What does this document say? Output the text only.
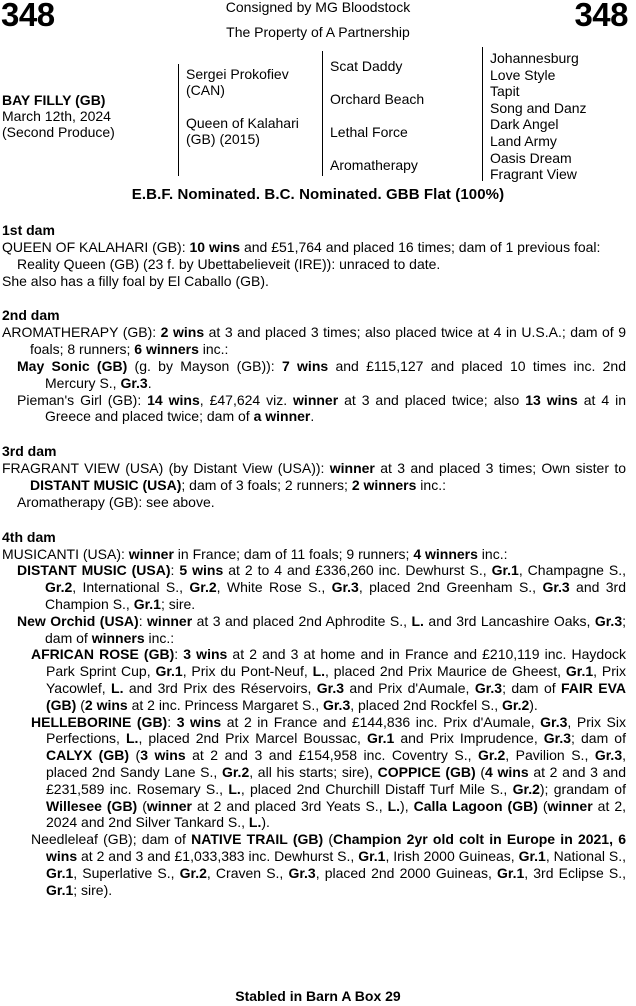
348	348
Consigned by MG Bloodstock
The Property of A Partnership

BAY FILLY (GB)

March 12th, 2024

(Second Produce)

Sergei Prokofiev (CAN)

Queen of Kalahari (GB) (2015)

Scat Daddy

Orchard Beach

Lethal Force

Aromatherapy

Johannesburg

Love Style

Tapit

Song and Danz

Dark Angel

Land Army

Oasis Dream

Fragrant View

E.B.F. Nominated. B.C. Nominated. GBB Flat (100%)
1st dam

QUEEN OF KALAHARI (GB): 10 wins and £51,764 and placed 16 times; dam of 1 previous foal:

Reality Queen (GB) (23 f. by Ubettabelieveit (IRE)): unraced to date.

She also has a filly foal by El Caballo (GB).

2nd dam

AROMATHERAPY (GB): 2 wins at 3 and placed 3 times; also placed twice at 4 in U.S.A.; dam of 9 foals; 8 runners; 6 winners inc.:

May Sonic (GB) (g. by Mayson (GB)): 7 wins and £115,127 and placed 10 times inc. 2nd Mercury S., Gr.3.

Pieman's Girl (GB): 14 wins, £47,624 viz. winner at 3 and placed twice; also 13 wins at 4 in Greece and placed twice; dam of a winner.

3rd dam

FRAGRANT VIEW (USA) (by Distant View (USA)): winner at 3 and placed 3 times; Own sister to DISTANT MUSIC (USA); dam of 3 foals; 2 runners; 2 winners inc.:

Aromatherapy (GB): see above.

4th dam

MUSICANTI (USA): winner in France; dam of 11 foals; 9 runners; 4 winners inc.:

DISTANT MUSIC (USA): 5 wins at 2 to 4 and £336,260 inc. Dewhurst S., Gr.1, Champagne S., Gr.2, International S., Gr.2, White Rose S., Gr.3, placed 2nd Greenham S., Gr.3 and 3rd Champion S., Gr.1; sire.

New Orchid (USA): winner at 3 and placed 2nd Aphrodite S., L. and 3rd Lancashire Oaks, Gr.3; dam of winners inc.:

AFRICAN ROSE (GB): 3 wins at 2 and 3 at home and in France and £210,119 inc. Haydock Park Sprint Cup, Gr.1, Prix du Pont-Neuf, L., placed 2nd Prix Maurice de Gheest, Gr.1, Prix Yacowlef, L. and 3rd Prix des Réservoirs, Gr.3 and Prix d'Aumale, Gr.3; dam of FAIR EVA (GB) (2 wins at 2 inc. Princess Margaret S., Gr.3, placed 2nd Rockfel S., Gr.2).

HELLEBORINE (GB): 3 wins at 2 in France and £144,836 inc. Prix d'Aumale, Gr.3, Prix Six Perfections, L., placed 2nd Prix Marcel Boussac, Gr.1 and Prix Imprudence, Gr.3; dam of CALYX (GB) (3 wins at 2 and 3 and £154,958 inc. Coventry S., Gr.2, Pavilion S., Gr.3, placed 2nd Sandy Lane S., Gr.2, all his starts; sire), COPPICE (GB) (4 wins at 2 and 3 and £231,589 inc. Rosemary S., L., placed 2nd Churchill Distaff Turf Mile S., Gr.2); grandam of Willesee (GB) (winner at 2 and placed 3rd Yeats S., L.), Calla Lagoon (GB) (winner at 2, 2024 and 2nd Silver Tankard S., L.).

Needleleaf (GB); dam of NATIVE TRAIL (GB) (Champion 2yr old colt in Europe in 2021, 6 wins at 2 and 3 and £1,033,383 inc. Dewhurst S., Gr.1, Irish 2000 Guineas, Gr.1, National S., Gr.1, Superlative S., Gr.2, Craven S., Gr.3, placed 2nd 2000 Guineas, Gr.1, 3rd Eclipse S., Gr.1; sire).

Stabled in Barn A Box 29
